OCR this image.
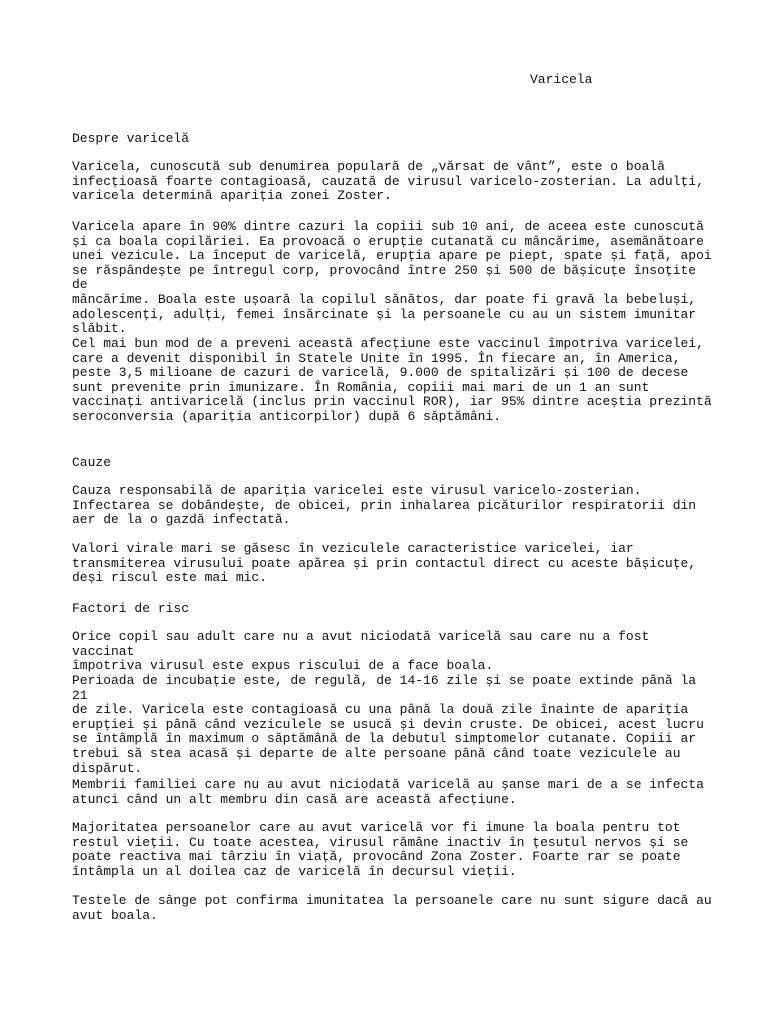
Varicela
Despre varicelă
Varicela, cunoscută sub denumirea populară de „vărsat de vânt”, este o boală
infecțioasă foarte contagioasă, cauzată de virusul varicelo-zosterian. La adulți,
varicela determină apariția zonei Zoster.
Varicela apare în 90% dintre cazuri la copiii sub 10 ani, de aceea este cunoscută
și ca boala copilăriei. Ea provoacă o erupție cutanată cu mâncărime, asemănătoare
unei vezicule. La început de varicelă, erupția apare pe piept, spate și față, apoi
se răspândește pe întregul corp, provocând între 250 și 500 de bășicuțe însoțite de
mâncărime. Boala este ușoară la copilul sănătos, dar poate fi gravă la bebeluși,
adolescenți, adulți, femei însărcinate și la persoanele cu au un sistem imunitar
slăbit.
Cel mai bun mod de a preveni această afecțiune este vaccinul împotriva varicelei,
care a devenit disponibil în Statele Unite în 1995. În fiecare an, în America,
peste 3,5 milioane de cazuri de varicelă, 9.000 de spitalizări și 100 de decese
sunt prevenite prin imunizare. În România, copiii mai mari de un 1 an sunt
vaccinați antivaricelă (inclus prin vaccinul ROR), iar 95% dintre aceștia prezintă
seroconversia (apariția anticorpilor) după 6 săptămâni.
Cauze
Cauza responsabilă de apariția varicelei este virusul varicelo-zosterian.
Infectarea se dobândește, de obicei, prin inhalarea picăturilor respiratorii din
aer de la o gazdă infectată.
Valori virale mari se găsesc în veziculele caracteristice varicelei, iar
transmiterea virusului poate apărea și prin contactul direct cu aceste bășicuțe,
deși riscul este mai mic.
Factori de risc
Orice copil sau adult care nu a avut niciodată varicelă sau care nu a fost vaccinat
împotriva virusul este expus riscului de a face boala.
Perioada de incubație este, de regulă, de 14-16 zile și se poate extinde până la 21
de zile. Varicela este contagioasă cu una până la două zile înainte de apariția
erupției și până când veziculele se usucă și devin cruste. De obicei, acest lucru
se întâmplă în maximum o săptămână de la debutul simptomelor cutanate. Copiii ar
trebui să stea acasă și departe de alte persoane până când toate veziculele au
dispărut.
Membrii familiei care nu au avut niciodată varicelă au șanse mari de a se infecta
atunci când un alt membru din casă are această afecțiune.
Majoritatea persoanelor care au avut varicelă vor fi imune la boala pentru tot
restul vieții. Cu toate acestea, virusul rămâne inactiv în țesutul nervos și se
poate reactiva mai târziu în viață, provocând Zona Zoster. Foarte rar se poate
întâmpla un al doilea caz de varicelă în decursul vieții.
Testele de sânge pot confirma imunitatea la persoanele care nu sunt sigure dacă au
avut boala.
